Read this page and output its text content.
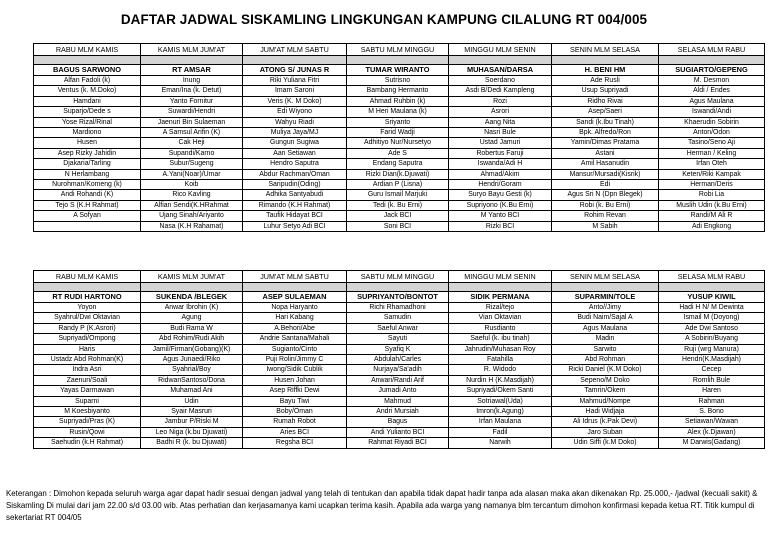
DAFTAR JADWAL SISKAMLING LINGKUNGAN KAMPUNG CILALUNG RT 004/005
RABU MLM KAMIS	KAMIS MLM JUM'AT	JUM'AT MLM SABTU	SABTU MLM MINGGU	MINGGU MLM SENIN	SENIN MLM SELASA	SELASA MLM RABU

BAGUS SARWONO	RT AMSAR	ATONG S/ JUNAS R	TUMAR WIRANTO	MUHASAN/DARSA	H. BENI HM	SUGIARTO/GEPENG
Alfan Fadoli (k)	Inung	Riki Yuliana Fitri	Sutrisno	Soerdano	Ade Rusli	M. Desmon
Ventus (k. M.Doko)	Eman/Ina (k. Detut)	Imam Saroni	Bambang Hermanto	Asdi B/Dedi Kampleng	Usup Supriyadi	Aldi / Endes
Hamdani	Yanto Fornitur	Veris (K. M Doko)	Ahmad Ruhbin (k)	Rozi	Ridho Rivai	Agus Maulana
Suparjo/Dede s	Suwardi/Hendri	Edi Wiyono	M Heri Maulana (k)	Asrori	Asep/Saeri	Iswandi/Andi
Yose Rizal/Rinal	Jaenuri Bin Sulaeman	Wahyu Riadi	Sriyanto	Aang Nita	Sandi (k.Ibu Tinah)	Khaerudin Sobirin
Mardiono	A Samsul Arifin (K)	Muliya Jaya/MJ	Farid Wadji	Nasri Bule	Bpk. Alfredo/Ron	Anton/Odon
Husen	Cak Heji	Gungun Sugiwa	Adhitiyo Nur/Nursetyo	Ustad Jamuri	Yamin/Dimas Pratama	Tasino/Seno Aji
Asep Rizky Jahidin	Supandi/Karno	Aan Setiawan	Ade S	Robertus Faruji	Astani	Herman / Keling
Djakaria/Tarling	Subur/Sugeng	Hendro Saputra	Endang Saputra	Iswanda/Adi H	Amil Hasanudin	Irfan Oteh
N Herlambang	A.Yani(Noar)/Umar	Abdur Rachman/Oman	Rizki Dian(k.Djuwati)	Ahmad/Akim	Mansur/Mursadi(Kisrik)	Keten/Riki Kampak
Nurohman/Komeng (k)	Koib	Saripudin(Oding)	Ardian P (Lisna)	Hendri/Goram	Edi	Herman/Deris
Andi Rohandi (K)	Rico Kavling	Adhika Santyabudi	Guru Ismail Marjuki	Suryo Bayu Gesti (k)	Agus Sri N (Dpn Blegek)	Robi Lia
Tejo S (K.H Rahmat)	Alfian Sendi(K.HRahmat	Rimando (K.H Rahmat)	Tedi (k. Bu Erni)	Supriyono (K.Bu Erni)	Robi (k. Bu Erni)	Muslih Udin (k.Bu Erni)
A Sofyan	Ujang Sinah/Ariyanto	Taufik Hidayat BCI	Jack BCI	M Yanto BCI	Rohim Revan	Randi/M Ali R
	Nasa (K.H Rahamat)	Luhur Setyo Adi BCI	Soni BCI	Rizki BCI	M Sabih	Adi Engkong
RABU MLM KAMIS	KAMIS MLM JUM'AT	JUM'AT MLM SABTU	SABTU MLM MINGGU	MINGGU MLM SENIN	SENIN MLM SELASA	SELASA MLM RABU

RT RUDI HARTONO	SUKENDA /BLEGEK	ASEP SULAEMAN	SUPRIYANTO/BONTOT	SIDIK PERMANA	SUPARMIN/TOLE	YUSUP KIWIL
Yoyon	Anwar Ibrohin (K)	Nopa Haryanto	Richi Rhamadhoni	Rizal/tejo	Anto//Jimy	Hadi H N/ M Dewinta
Syahrul/Dwi Oktavian	Agung	Hari Kabang	Samudin	Vian Oktavian	Budi Naim/Sajal A	Ismail M (Doyong)
Randy P (K.Asrori)	Budi Rama W	A.Behori/Abe	Saeful Anwar	Rusdianto	Agus Maulana	Ade Dwi Santoso
Supriyadi/Ompong	Abd Rohim/Rudi Akih	Andrie Santana/Mahali	Sayuti	Saeful (k. ibu tinah)	Madin	A Sobirin/Buyang
Haris	Jamil/Firman(Gobang)(K)	Sugianto/Cinto	Syafiq K	Jahrudin/Muhasan Roy	Sarwito	Ruji (wrg Manura)
Ustadz Abd Rohman(K)	Agus Junaedi/Riko	Puji Rolin/Jimmy C	Abdulah/Carles	Fatahilla	Abd Rohman	Hendri(K.Masdijah)
Indra Asri	Syahrial/Boy	Iwong/Sidik Cublik	Nurjaya/Sa'adih	R. Widodo	Ricki Daniel (K.M Doko)	Cecep
Zaenuri/Soali	RidwanSantoso/Dona	Husen Johan	Anwari/Randi Arif	Nurdin H (K.Masdijah)	Sepeno/M Doko	Romlih Bule
Yayas Darmawan	Muhamad Ani	Asep Riffki Dewi	Jumadi Anto	Supriyadi/Okem Santi	Tamrin/Okem	Haren
Suparni	Udin	Bayu Tiwi	Mahmud	Sotriawal(Uda)	Mahmud/Nompe	Rahman
M Koesbiyanto	Syair Masruri	Boby/Oman	Andri Mursiah	Imron(k.Agung)	Hadi Widjaja	S. Bono
Supriyadi/Pras (K)	Jambur P/Riski M	Rumah Robot	Bagus	Irfan Maulana	Ali Idrus (k.Pak Devi)	Setiawan/Wawan
Rusin/Qowi	Leo Niga (k.bu Djuwati)	Aries BCI	Andi Yulianto BCI	Fadil	Jaro Suban	Alex (k.Djawan)
Saehudin (k.H Rahmat)	Badhi R (k. bu Djuwati)	Regsha BCI	Rahmat Riyadi BCI	Narwih	Udin Siffi (k.M Doko)	M Darwis(Gadang)
Keterangan : Dimohon kepada seluruh warga agar dapat hadir sesuai dengan jadwal yang telah di tentukan dan apabila tidak dapat hadir tanpa ada alasan maka akan dikenakan Rp. 25.000,- /jadwal (kecuali sakit) & Siskamling Di mulai dari jam 22.00 s/d 03.00 wib. Atas perhatian dan kerjasamanya kami ucapkan terima kasih. Apabila ada warga yang namanya blm tercantum dimohon konfirmasi kepada ketua RT. Titik kumpul di sekertariat RT 004/05
